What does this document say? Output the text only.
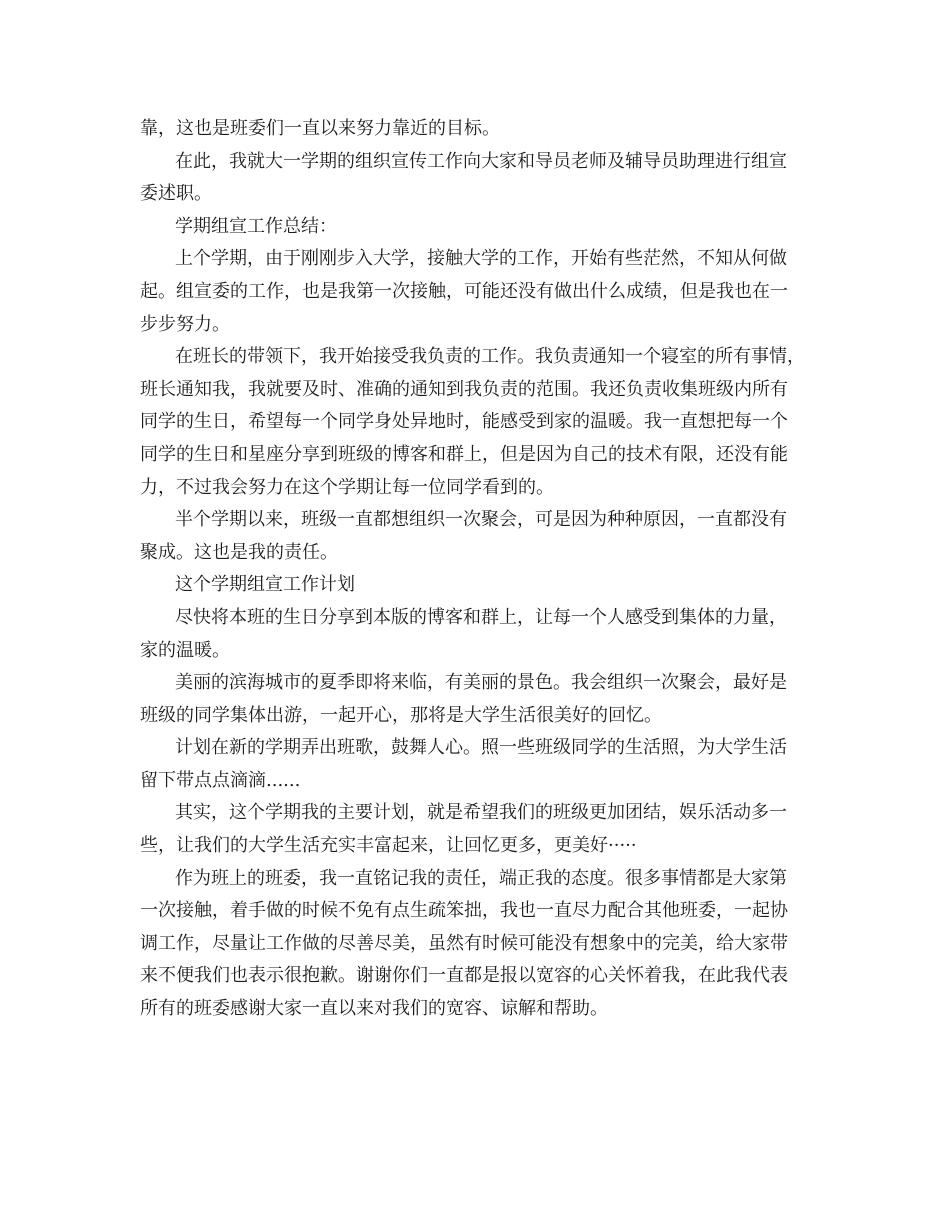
靠，这也是班委们一直以来努力靠近的目标。
在此，我就大一学期的组织宣传工作向大家和导员老师及辅导员助理进行组宣
委述职。
学期组宣工作总结：
上个学期，由于刚刚步入大学，接触大学的工作，开始有些茫然，不知从何做
起。组宣委的工作，也是我第一次接触，可能还没有做出什么成绩，但是我也在一
步步努力。
在班长的带领下，我开始接受我负责的工作。我负责通知一个寝室的所有事情，
班长通知我，我就要及时、准确的通知到我负责的范围。我还负责收集班级内所有
同学的生日，希望每一个同学身处异地时，能感受到家的温暖。我一直想把每一个
同学的生日和星座分享到班级的博客和群上，但是因为自己的技术有限，还没有能
力，不过我会努力在这个学期让每一位同学看到的。
半个学期以来，班级一直都想组织一次聚会，可是因为种种原因，一直都没有
聚成。这也是我的责任。
这个学期组宣工作计划
尽快将本班的生日分享到本版的博客和群上，让每一个人感受到集体的力量，
家的温暖。
美丽的滨海城市的夏季即将来临，有美丽的景色。我会组织一次聚会，最好是
班级的同学集体出游，一起开心，那将是大学生活很美好的回忆。
计划在新的学期弄出班歌，鼓舞人心。照一些班级同学的生活照，为大学生活
留下带点点滴滴......
其实，这个学期我的主要计划，就是希望我们的班级更加团结，娱乐活动多一
些，让我们的大学生活充实丰富起来，让回忆更多，更美好·····
作为班上的班委，我一直铭记我的责任，端正我的态度。很多事情都是大家第
一次接触，着手做的时候不免有点生疏笨拙，我也一直尽力配合其他班委，一起协
调工作，尽量让工作做的尽善尽美，虽然有时候可能没有想象中的完美，给大家带
来不便我们也表示很抱歉。谢谢你们一直都是报以宽容的心关怀着我，在此我代表
所有的班委感谢大家一直以来对我们的宽容、谅解和帮助。
